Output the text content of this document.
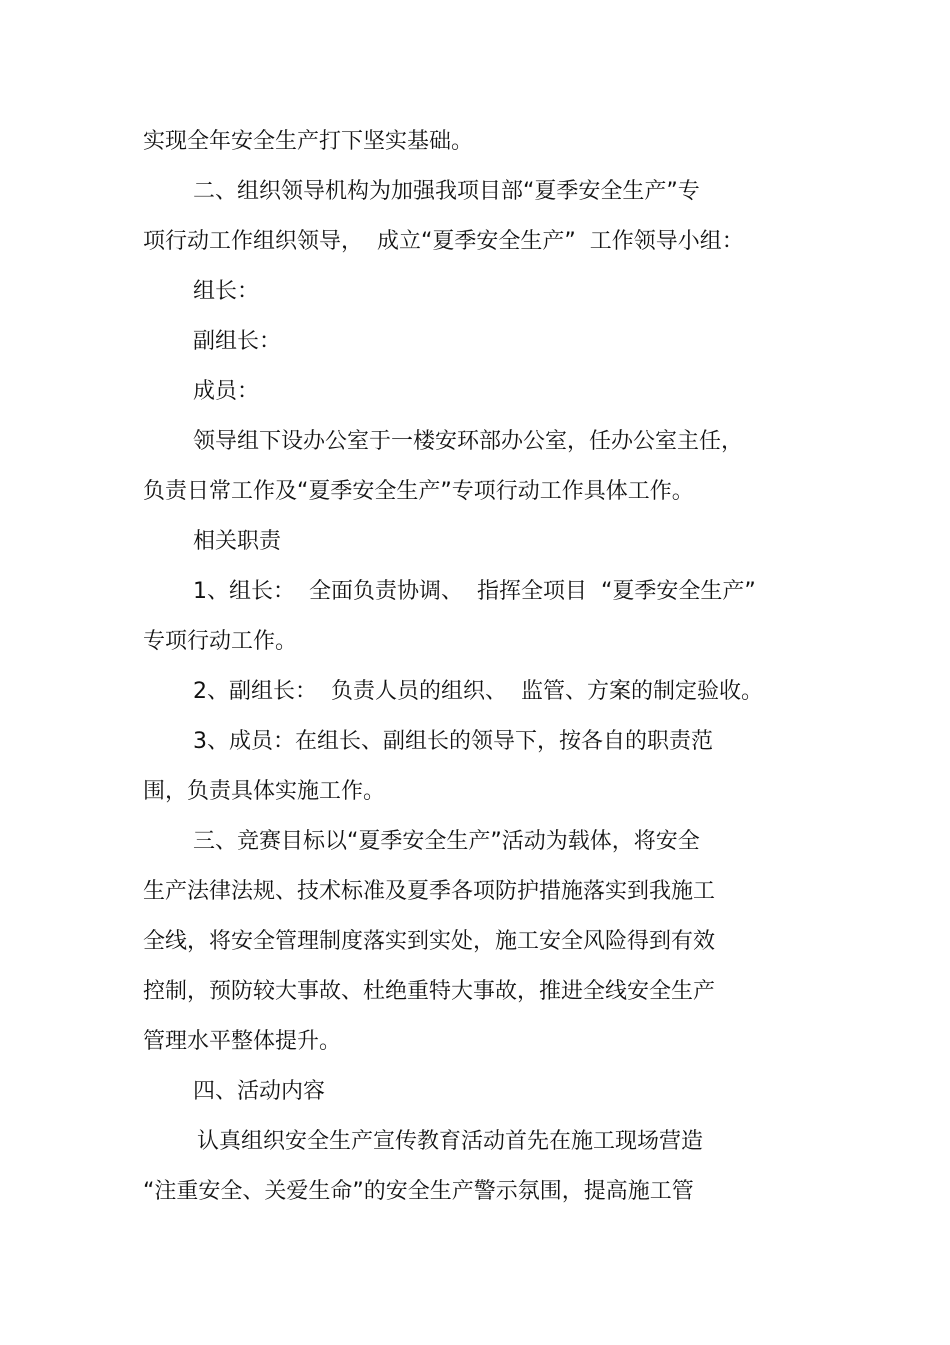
实现全年安全生产打下坚实基础。
二、组织领导机构为加强我项目部“夏季安全生产”专
项行动工作组织领导，  成立“夏季安全生产”  工作领导小组：
组长：
副组长：
成员：
领导组下设办公室于一楼安环部办公室，任办公室主任，
负责日常工作及“夏季安全生产”专项行动工作具体工作。
相关职责
1、组长：  全面负责协调、  指挥全项目  “夏季安全生产”
专项行动工作。
2、副组长：  负责人员的组织、  监管、方案的制定验收。
3、成员：在组长、副组长的领导下，按各自的职责范
围，负责具体实施工作。
三、竞赛目标以“夏季安全生产”活动为载体，将安全
生产法律法规、技术标准及夏季各项防护措施落实到我施工
全线，将安全管理制度落实到实处，施工安全风险得到有效
控制，预防较大事故、杜绝重特大事故，推进全线安全生产
管理水平整体提升。
四、活动内容
认真组织安全生产宣传教育活动首先在施工现场营造
“注重安全、关爱生命”的安全生产警示氛围，提高施工管
